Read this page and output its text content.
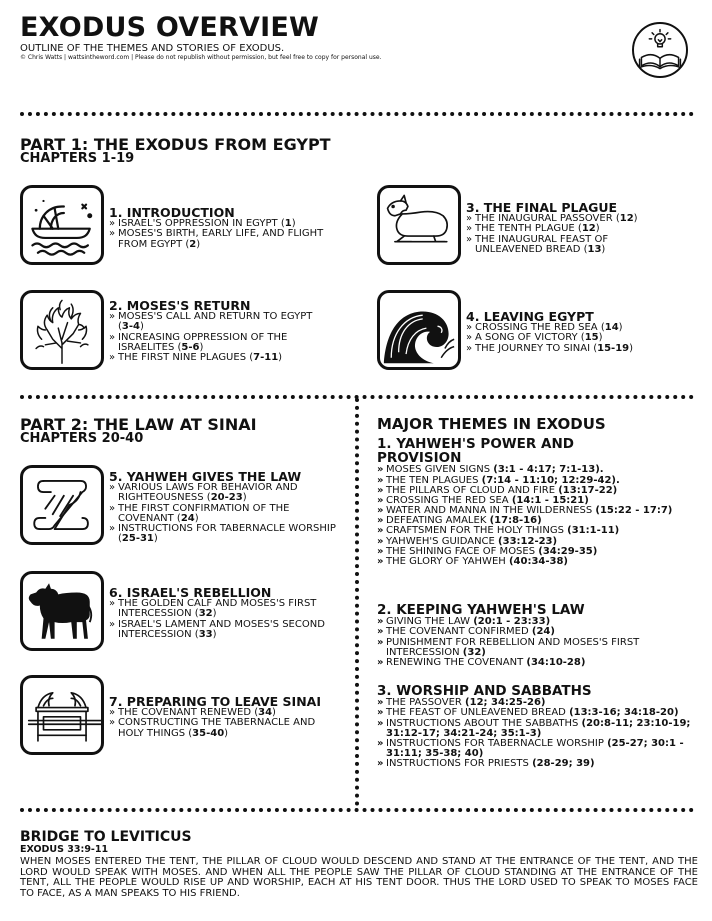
EXODUS OVERVIEW
OUTLINE OF THE THEMES AND STORIES OF EXODUS.
© Chris Watts | wattsintheword.com | Please do not republish without permission, but feel free to copy for personal use.
PART 1: THE EXODUS FROM EGYPT
CHAPTERS 1-19
1. INTRODUCTION
» ISRAEL'S OPPRESSION IN EGYPT (1)
» MOSES'S BIRTH, EARLY LIFE, AND FLIGHT FROM EGYPT (2)
2. MOSES'S RETURN
» MOSES'S CALL AND RETURN TO EGYPT (3-4)
» INCREASING OPPRESSION OF THE ISRAELITES (5-6)
» THE FIRST NINE PLAGUES (7-11)
3. THE FINAL PLAGUE
» THE INAUGURAL PASSOVER (12)
» THE TENTH PLAGUE (12)
» THE INAUGURAL FEAST OF UNLEAVENED BREAD (13)
4. LEAVING EGYPT
» CROSSING THE RED SEA (14)
» A SONG OF VICTORY (15)
» THE JOURNEY TO SINAI (15-19)
PART 2: THE LAW AT SINAI
CHAPTERS 20-40
5. YAHWEH GIVES THE LAW
» VARIOUS LAWS FOR BEHAVIOR AND RIGHTEOUSNESS (20-23)
» THE FIRST CONFIRMATION OF THE COVENANT (24)
» INSTRUCTIONS FOR TABERNACLE WORSHIP (25-31)
6. ISRAEL'S REBELLION
» THE GOLDEN CALF AND MOSES'S FIRST INTERCESSION (32)
» ISRAEL'S LAMENT AND MOSES'S SECOND INTERCESSION (33)
7. PREPARING TO LEAVE SINAI
» THE COVENANT RENEWED (34)
» CONSTRUCTING THE TABERNACLE AND HOLY THINGS (35-40)
MAJOR THEMES IN EXODUS
1. YAHWEH'S POWER AND PROVISION
» MOSES GIVEN SIGNS (3:1 - 4:17; 7:1-13).
» THE TEN PLAGUES (7:14 - 11:10; 12:29-42).
» THE PILLARS OF CLOUD AND FIRE (13:17-22)
» CROSSING THE RED SEA (14:1 - 15:21)
» WATER AND MANNA IN THE WILDERNESS (15:22 - 17:7)
» DEFEATING AMALEK (17:8-16)
» CRAFTSMEN FOR THE HOLY THINGS (31:1-11)
» YAHWEH'S GUIDANCE (33:12-23)
» THE SHINING FACE OF MOSES (34:29-35)
» THE GLORY OF YAHWEH (40:34-38)
2. KEEPING YAHWEH'S LAW
» GIVING THE LAW (20:1 - 23:33)
» THE COVENANT CONFIRMED (24)
» PUNISHMENT FOR REBELLION AND MOSES'S FIRST INTERCESSION (32)
» RENEWING THE COVENANT (34:10-28)
3. WORSHIP AND SABBATHS
» THE PASSOVER (12; 34:25-26)
» THE FEAST OF UNLEAVENED BREAD (13:3-16; 34:18-20)
» INSTRUCTIONS ABOUT THE SABBATHS (20:8-11; 23:10-19; 31:12-17; 34:21-24; 35:1-3)
» INSTRUCTIONS FOR TABERNACLE WORSHIP (25-27; 30:1 - 31:11; 35-38; 40)
» INSTRUCTIONS FOR PRIESTS (28-29; 39)
BRIDGE TO LEVITICUS
EXODUS 33:9-11
WHEN MOSES ENTERED THE TENT, THE PILLAR OF CLOUD WOULD DESCEND AND STAND AT THE ENTRANCE OF THE TENT, AND THE LORD WOULD SPEAK WITH MOSES. AND WHEN ALL THE PEOPLE SAW THE PILLAR OF CLOUD STANDING AT THE ENTRANCE OF THE TENT, ALL THE PEOPLE WOULD RISE UP AND WORSHIP, EACH AT HIS TENT DOOR. THUS THE LORD USED TO SPEAK TO MOSES FACE TO FACE, AS A MAN SPEAKS TO HIS FRIEND.
